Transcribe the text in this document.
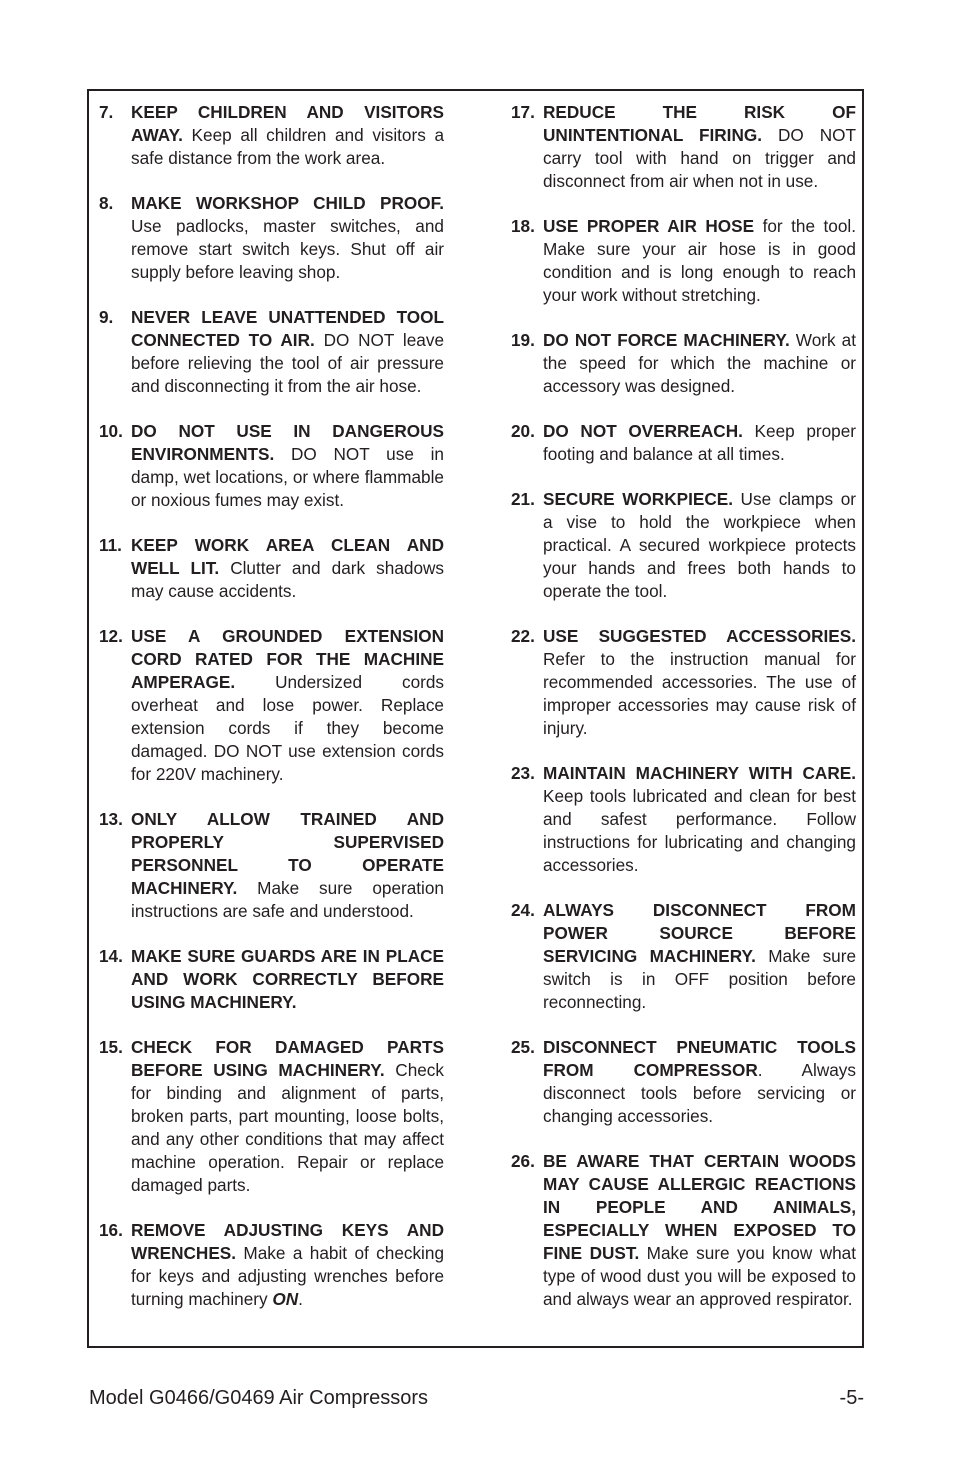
7. KEEP CHILDREN AND VISITORS AWAY. Keep all children and visitors a safe distance from the work area.
8. MAKE WORKSHOP CHILD PROOF. Use padlocks, master switches, and remove start switch keys. Shut off air supply before leaving shop.
9. NEVER LEAVE UNATTENDED TOOL CONNECTED TO AIR. DO NOT leave before relieving the tool of air pressure and disconnecting it from the air hose.
10. DO NOT USE IN DANGEROUS ENVIRONMENTS. DO NOT use in damp, wet locations, or where flammable or noxious fumes may exist.
11. KEEP WORK AREA CLEAN AND WELL LIT. Clutter and dark shadows may cause accidents.
12. USE A GROUNDED EXTENSION CORD RATED FOR THE MACHINE AMPERAGE. Undersized cords overheat and lose power. Replace extension cords if they become damaged. DO NOT use extension cords for 220V machinery.
13. ONLY ALLOW TRAINED AND PROPERLY SUPERVISED PERSONNEL TO OPERATE MACHINERY. Make sure operation instructions are safe and understood.
14. MAKE SURE GUARDS ARE IN PLACE AND WORK CORRECTLY BEFORE USING MACHINERY.
15. CHECK FOR DAMAGED PARTS BEFORE USING MACHINERY. Check for binding and alignment of parts, broken parts, part mounting, loose bolts, and any other conditions that may affect machine operation. Repair or replace damaged parts.
16. REMOVE ADJUSTING KEYS AND WRENCHES. Make a habit of checking for keys and adjusting wrenches before turning machinery ON.
17. REDUCE THE RISK OF UNINTENTIONAL FIRING. DO NOT carry tool with hand on trigger and disconnect from air when not in use.
18. USE PROPER AIR HOSE for the tool. Make sure your air hose is in good condition and is long enough to reach your work without stretching.
19. DO NOT FORCE MACHINERY. Work at the speed for which the machine or accessory was designed.
20. DO NOT OVERREACH. Keep proper footing and balance at all times.
21. SECURE WORKPIECE. Use clamps or a vise to hold the workpiece when practical. A secured workpiece protects your hands and frees both hands to operate the tool.
22. USE SUGGESTED ACCESSORIES. Refer to the instruction manual for recommended accessories. The use of improper accessories may cause risk of injury.
23. MAINTAIN MACHINERY WITH CARE. Keep tools lubricated and clean for best and safest performance. Follow instructions for lubricating and changing accessories.
24. ALWAYS DISCONNECT FROM POWER SOURCE BEFORE SERVICING MACHINERY. Make sure switch is in OFF position before reconnecting.
25. DISCONNECT PNEUMATIC TOOLS FROM COMPRESSOR. Always disconnect tools before servicing or changing accessories.
26. BE AWARE THAT CERTAIN WOODS MAY CAUSE ALLERGIC REACTIONS IN PEOPLE AND ANIMALS, ESPECIALLY WHEN EXPOSED TO FINE DUST. Make sure you know what type of wood dust you will be exposed to and always wear an approved respirator.
Model G0466/G0469 Air Compressors	-5-
